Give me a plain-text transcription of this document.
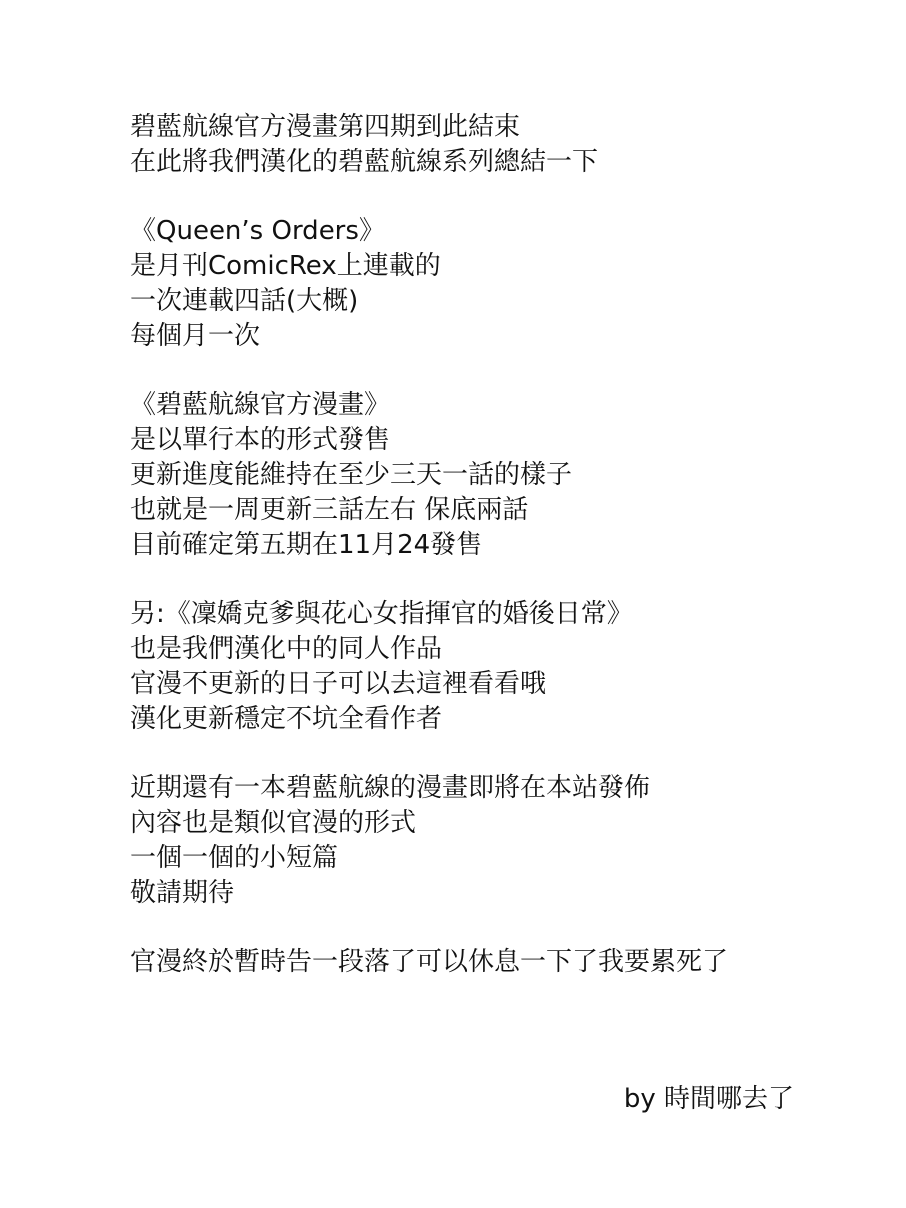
碧藍航線官方漫畫第四期到此結束
在此將我們漢化的碧藍航線系列總結一下
《Queen’s Orders》
是月刊ComicRex上連載的
一次連載四話(大概)
每個月一次
《碧藍航線官方漫畫》
是以單行本的形式發售
更新進度能維持在至少三天一話的樣子
也就是一周更新三話左右 保底兩話
目前確定第五期在11月24發售
另:《凜嬌克爹與花心女指揮官的婚後日常》
也是我們漢化中的同人作品
官漫不更新的日子可以去這裡看看哦
漢化更新穩定不坑全看作者
近期還有一本碧藍航線的漫畫即將在本站發佈
內容也是類似官漫的形式
一個一個的小短篇
敬請期待
官漫終於暫時告一段落了可以休息一下了我要累死了
by 時間哪去了
